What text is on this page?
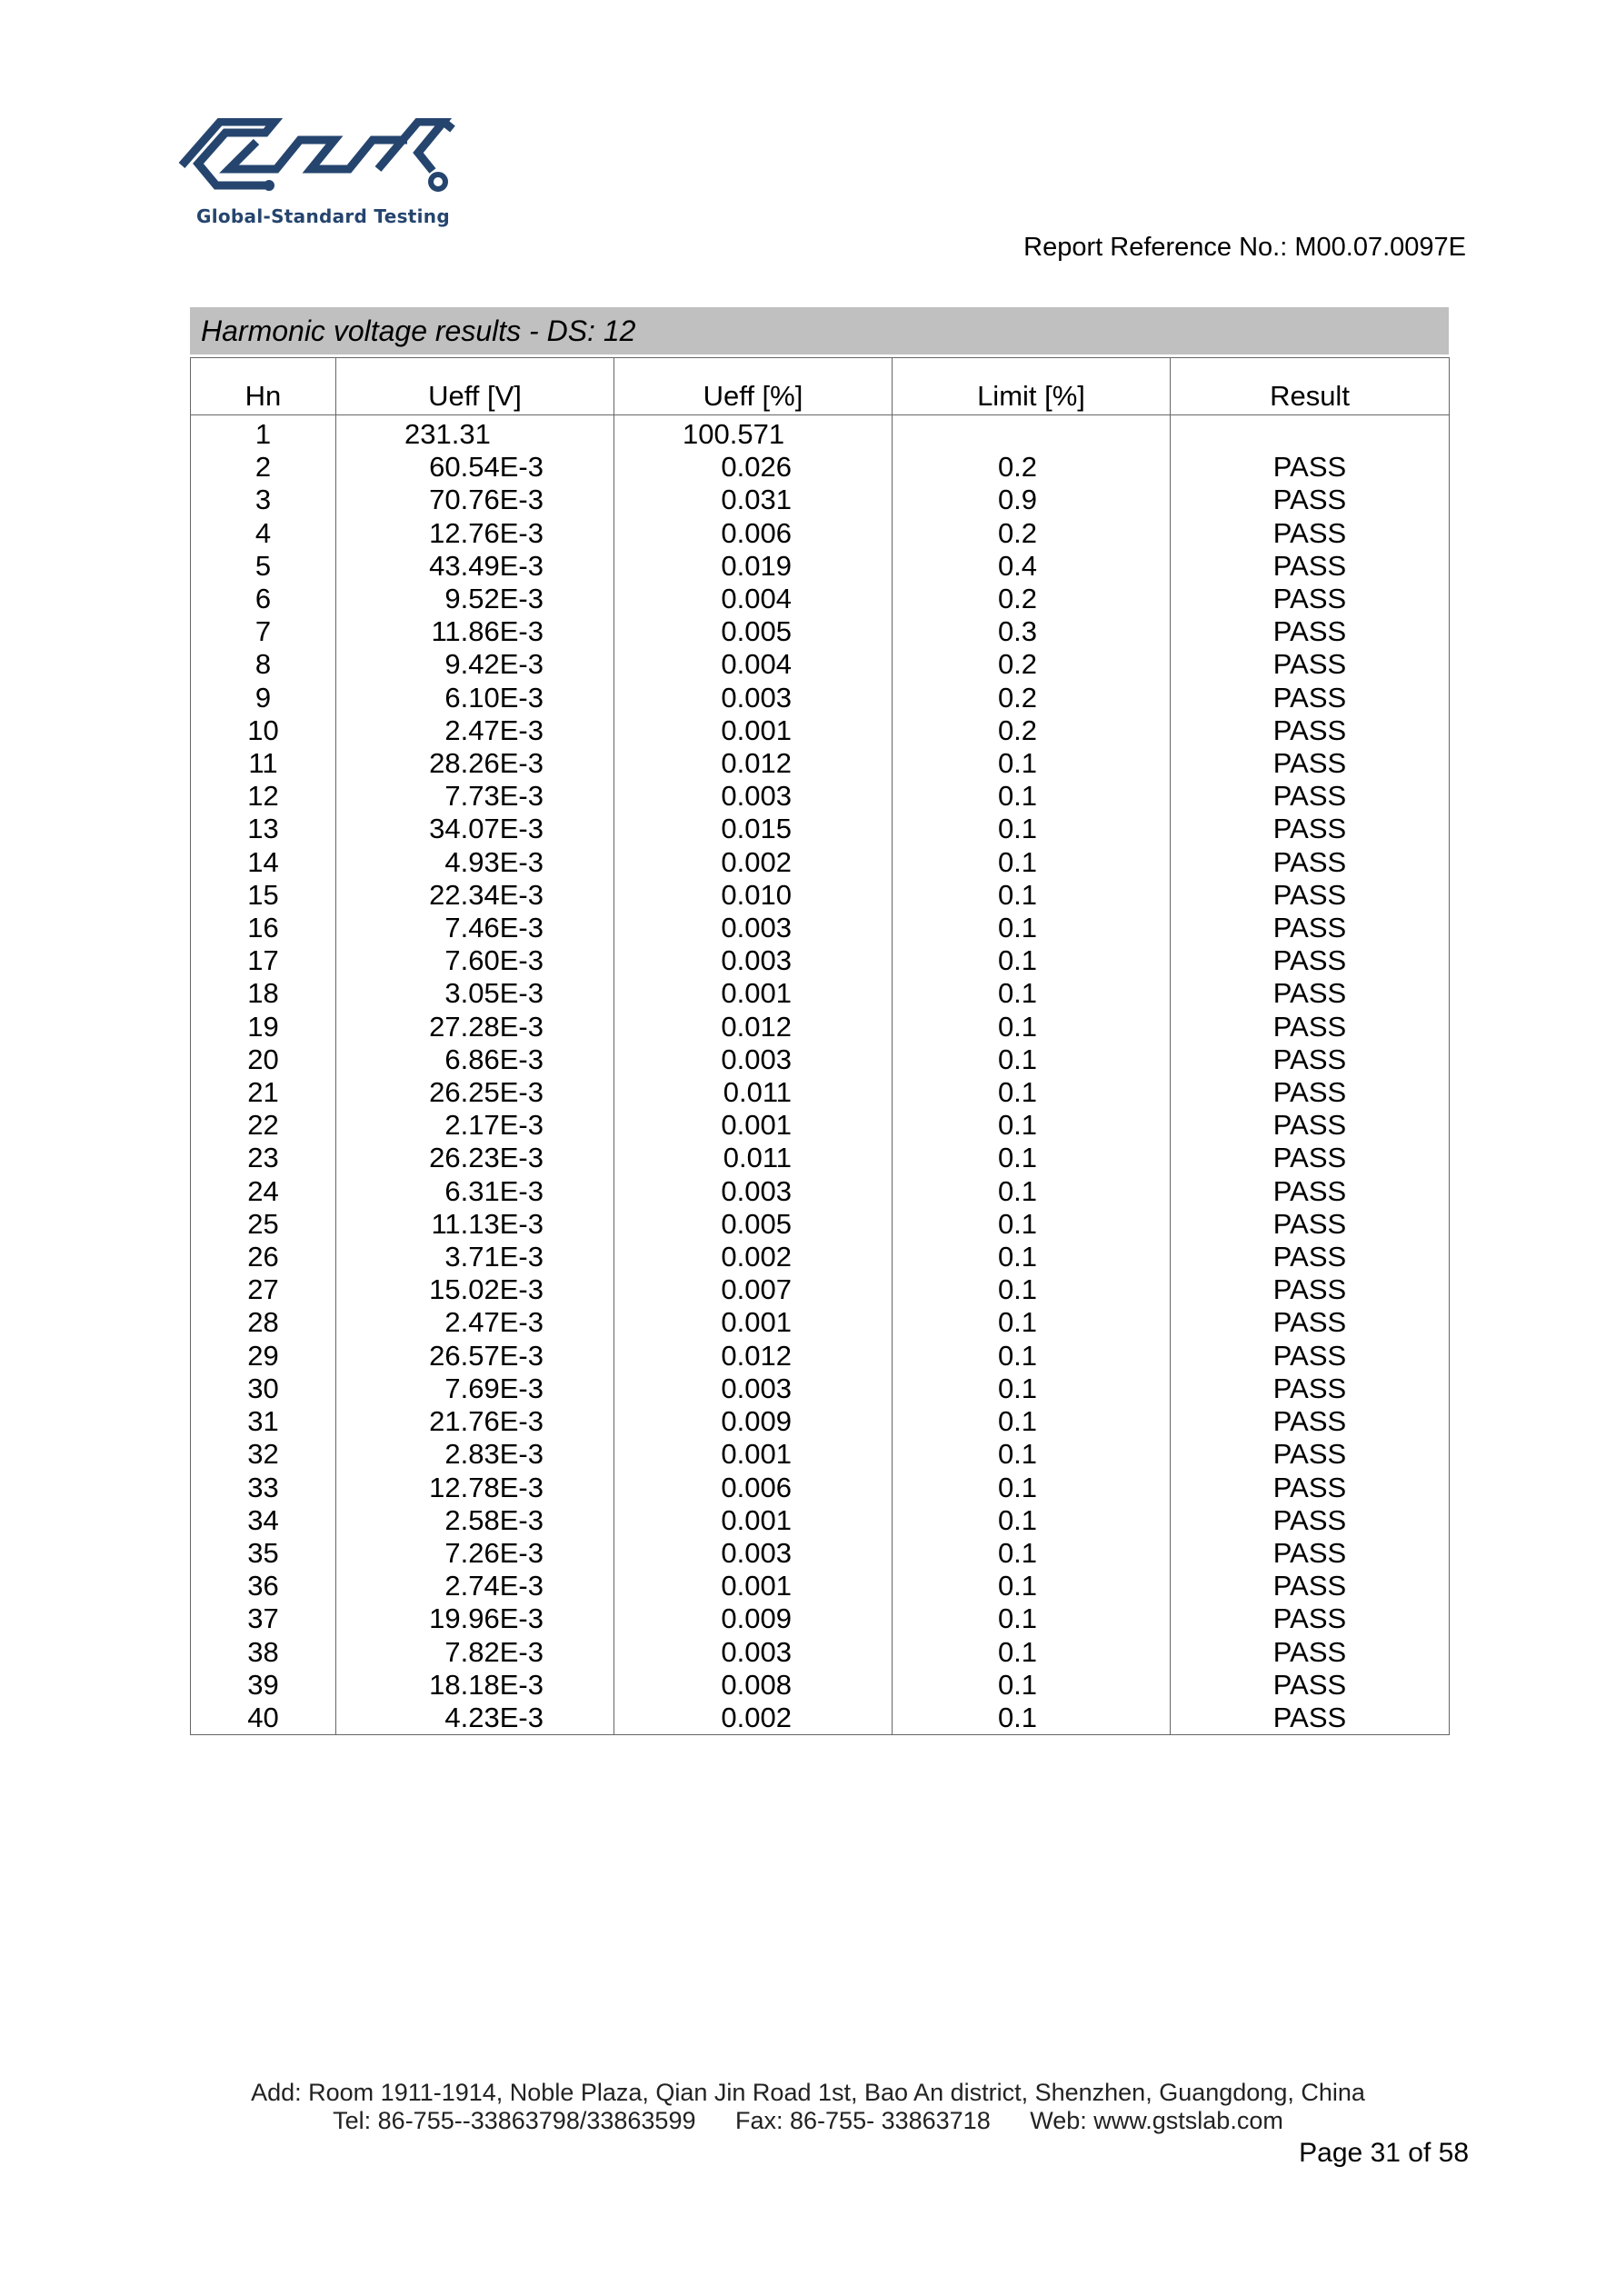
Global-Standard Testing
Report Reference No.: M00.07.0097E
Harmonic voltage results - DS: 12
Hn	Ueff [V]	Ueff [%]	Limit [%]	Result
1	231.31	100.571		
2	60.54E-3	0.026	0.2	PASS
3	70.76E-3	0.031	0.9	PASS
4	12.76E-3	0.006	0.2	PASS
5	43.49E-3	0.019	0.4	PASS
6	9.52E-3	0.004	0.2	PASS
7	11.86E-3	0.005	0.3	PASS
8	9.42E-3	0.004	0.2	PASS
9	6.10E-3	0.003	0.2	PASS
10	2.47E-3	0.001	0.2	PASS
11	28.26E-3	0.012	0.1	PASS
12	7.73E-3	0.003	0.1	PASS
13	34.07E-3	0.015	0.1	PASS
14	4.93E-3	0.002	0.1	PASS
15	22.34E-3	0.010	0.1	PASS
16	7.46E-3	0.003	0.1	PASS
17	7.60E-3	0.003	0.1	PASS
18	3.05E-3	0.001	0.1	PASS
19	27.28E-3	0.012	0.1	PASS
20	6.86E-3	0.003	0.1	PASS
21	26.25E-3	0.011	0.1	PASS
22	2.17E-3	0.001	0.1	PASS
23	26.23E-3	0.011	0.1	PASS
24	6.31E-3	0.003	0.1	PASS
25	11.13E-3	0.005	0.1	PASS
26	3.71E-3	0.002	0.1	PASS
27	15.02E-3	0.007	0.1	PASS
28	2.47E-3	0.001	0.1	PASS
29	26.57E-3	0.012	0.1	PASS
30	7.69E-3	0.003	0.1	PASS
31	21.76E-3	0.009	0.1	PASS
32	2.83E-3	0.001	0.1	PASS
33	12.78E-3	0.006	0.1	PASS
34	2.58E-3	0.001	0.1	PASS
35	7.26E-3	0.003	0.1	PASS
36	2.74E-3	0.001	0.1	PASS
37	19.96E-3	0.009	0.1	PASS
38	7.82E-3	0.003	0.1	PASS
39	18.18E-3	0.008	0.1	PASS
40	4.23E-3	0.002	0.1	PASS
Add: Room 1911-1914, Noble Plaza, Qian Jin Road 1st, Bao An district, Shenzhen, Guangdong, China
Tel: 86-755--33863798/33863599 Fax: 86-755- 33863718 Web: www.gstslab.com
Page 31 of 58
